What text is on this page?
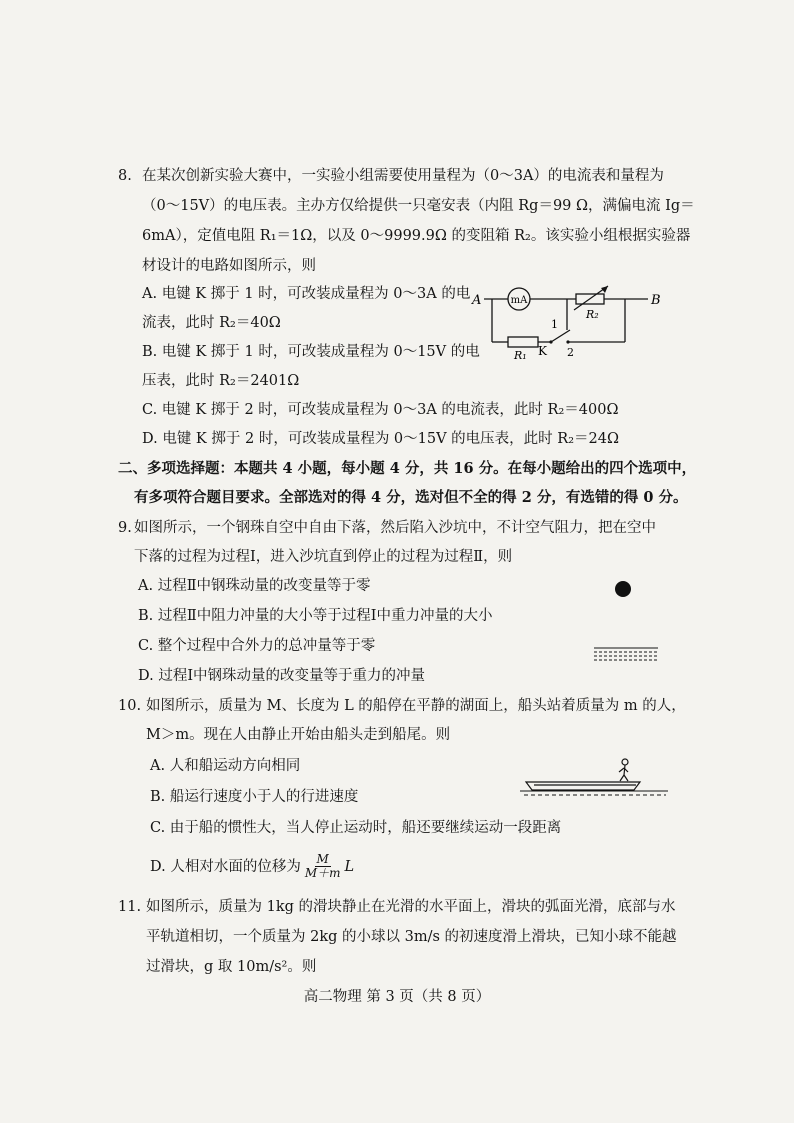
8. 在某次创新实验大赛中，一实验小组需要使用量程为（0～3A）的电流表和量程为
（0～15V）的电压表。主办方仅给提供一只毫安表（内阻 Rg＝99 Ω，满偏电流 Ig＝
6mA），定值电阻 R₁＝1Ω，以及 0～9999.9Ω 的变阻箱 R₂。该实验小组根据实验器
材设计的电路如图所示，则
A. 电键 K 掷于 1 时，可改装成量程为 0～3A 的电
流表，此时 R₂＝40Ω
B. 电键 K 掷于 1 时，可改装成量程为 0～15V 的电
压表，此时 R₂＝2401Ω
C. 电键 K 掷于 2 时，可改装成量程为 0～3A 的电流表，此时 R₂＝400Ω
D. 电键 K 掷于 2 时，可改装成量程为 0～15V 的电压表，此时 R₂＝24Ω
A	B
mA
R₂
R₁ K
1
2
二、多项选择题：本题共 4 小题，每小题 4 分，共 16 分。在每小题给出的四个选项中，
有多项符合题目要求。全部选对的得 4 分，选对但不全的得 2 分，有选错的得 0 分。
9. 如图所示，一个钢珠自空中自由下落，然后陷入沙坑中，不计空气阻力，把在空中
下落的过程为过程Ⅰ，进入沙坑直到停止的过程为过程Ⅱ，则
A. 过程Ⅱ中钢珠动量的改变量等于零
B. 过程Ⅱ中阻力冲量的大小等于过程Ⅰ中重力冲量的大小
C. 整个过程中合外力的总冲量等于零
D. 过程Ⅰ中钢珠动量的改变量等于重力的冲量
10. 如图所示，质量为 M、长度为 L 的船停在平静的湖面上，船头站着质量为 m 的人，
M＞m。现在人由静止开始由船头走到船尾。则
A. 人和船运动方向相同
B. 船运行速度小于人的行进速度
C. 由于船的惯性大，当人停止运动时，船还要继续运动一段距离
D. 人相对水面的位移为 $\frac{M}{M+m}$ L
11. 如图所示，质量为 1kg 的滑块静止在光滑的水平面上，滑块的弧面光滑，底部与水
平轨道相切，一个质量为 2kg 的小球以 3m/s 的初速度滑上滑块，已知小球不能越
过滑块，g 取 10m/s²。则
高二物理 第 3 页（共 8 页）
